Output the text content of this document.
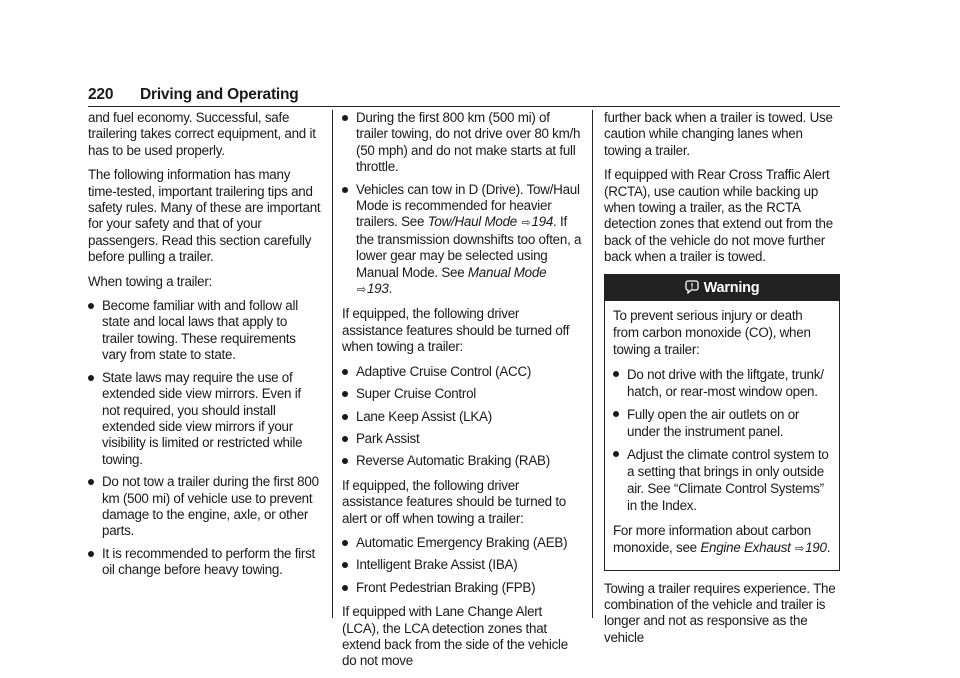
220 Driving and Operating

and fuel economy. Successful, safe trailering takes correct equipment, and it has to be used properly.

The following information has many time-tested, important trailering tips and safety rules. Many of these are important for your safety and that of your passengers. Read this section carefully before pulling a trailer.

When towing a trailer:

Become familiar with and follow all state and local laws that apply to trailer towing. These requirements vary from state to state.
State laws may require the use of extended side view mirrors. Even if not required, you should install extended side view mirrors if your visibility is limited or restricted while towing.
Do not tow a trailer during the first 800 km (500 mi) of vehicle use to prevent damage to the engine, axle, or other parts.
It is recommended to perform the first oil change before heavy towing.
During the first 800 km (500 mi) of trailer towing, do not drive over 80 km/h (50 mph) and do not make starts at full throttle.
Vehicles can tow in D (Drive). Tow/Haul Mode is recommended for heavier trailers. See Tow/Haul Mode ⇨194. If the transmission downshifts too often, a lower gear may be selected using Manual Mode. See Manual Mode ⇨193.

If equipped, the following driver assistance features should be turned off when towing a trailer:

Adaptive Cruise Control (ACC)
Super Cruise Control
Lane Keep Assist (LKA)
Park Assist
Reverse Automatic Braking (RAB)

If equipped, the following driver assistance features should be turned to alert or off when towing a trailer:

Automatic Emergency Braking (AEB)
Intelligent Brake Assist (IBA)
Front Pedestrian Braking (FPB)

If equipped with Lane Change Alert (LCA), the LCA detection zones that extend back from the side of the vehicle do not move

further back when a trailer is towed. Use caution while changing lanes when towing a trailer.

If equipped with Rear Cross Traffic Alert (RCTA), use caution while backing up when towing a trailer, as the RCTA detection zones that extend out from the back of the vehicle do not move further back when a trailer is towed.

Warning

To prevent serious injury or death from carbon monoxide (CO), when towing a trailer:

Do not drive with the liftgate, trunk/ hatch, or rear-most window open.
Fully open the air outlets on or under the instrument panel.
Adjust the climate control system to a setting that brings in only outside air. See “Climate Control Systems” in the Index.

For more information about carbon monoxide, see Engine Exhaust ⇨190.

Towing a trailer requires experience. The combination of the vehicle and trailer is longer and not as responsive as the vehicle
